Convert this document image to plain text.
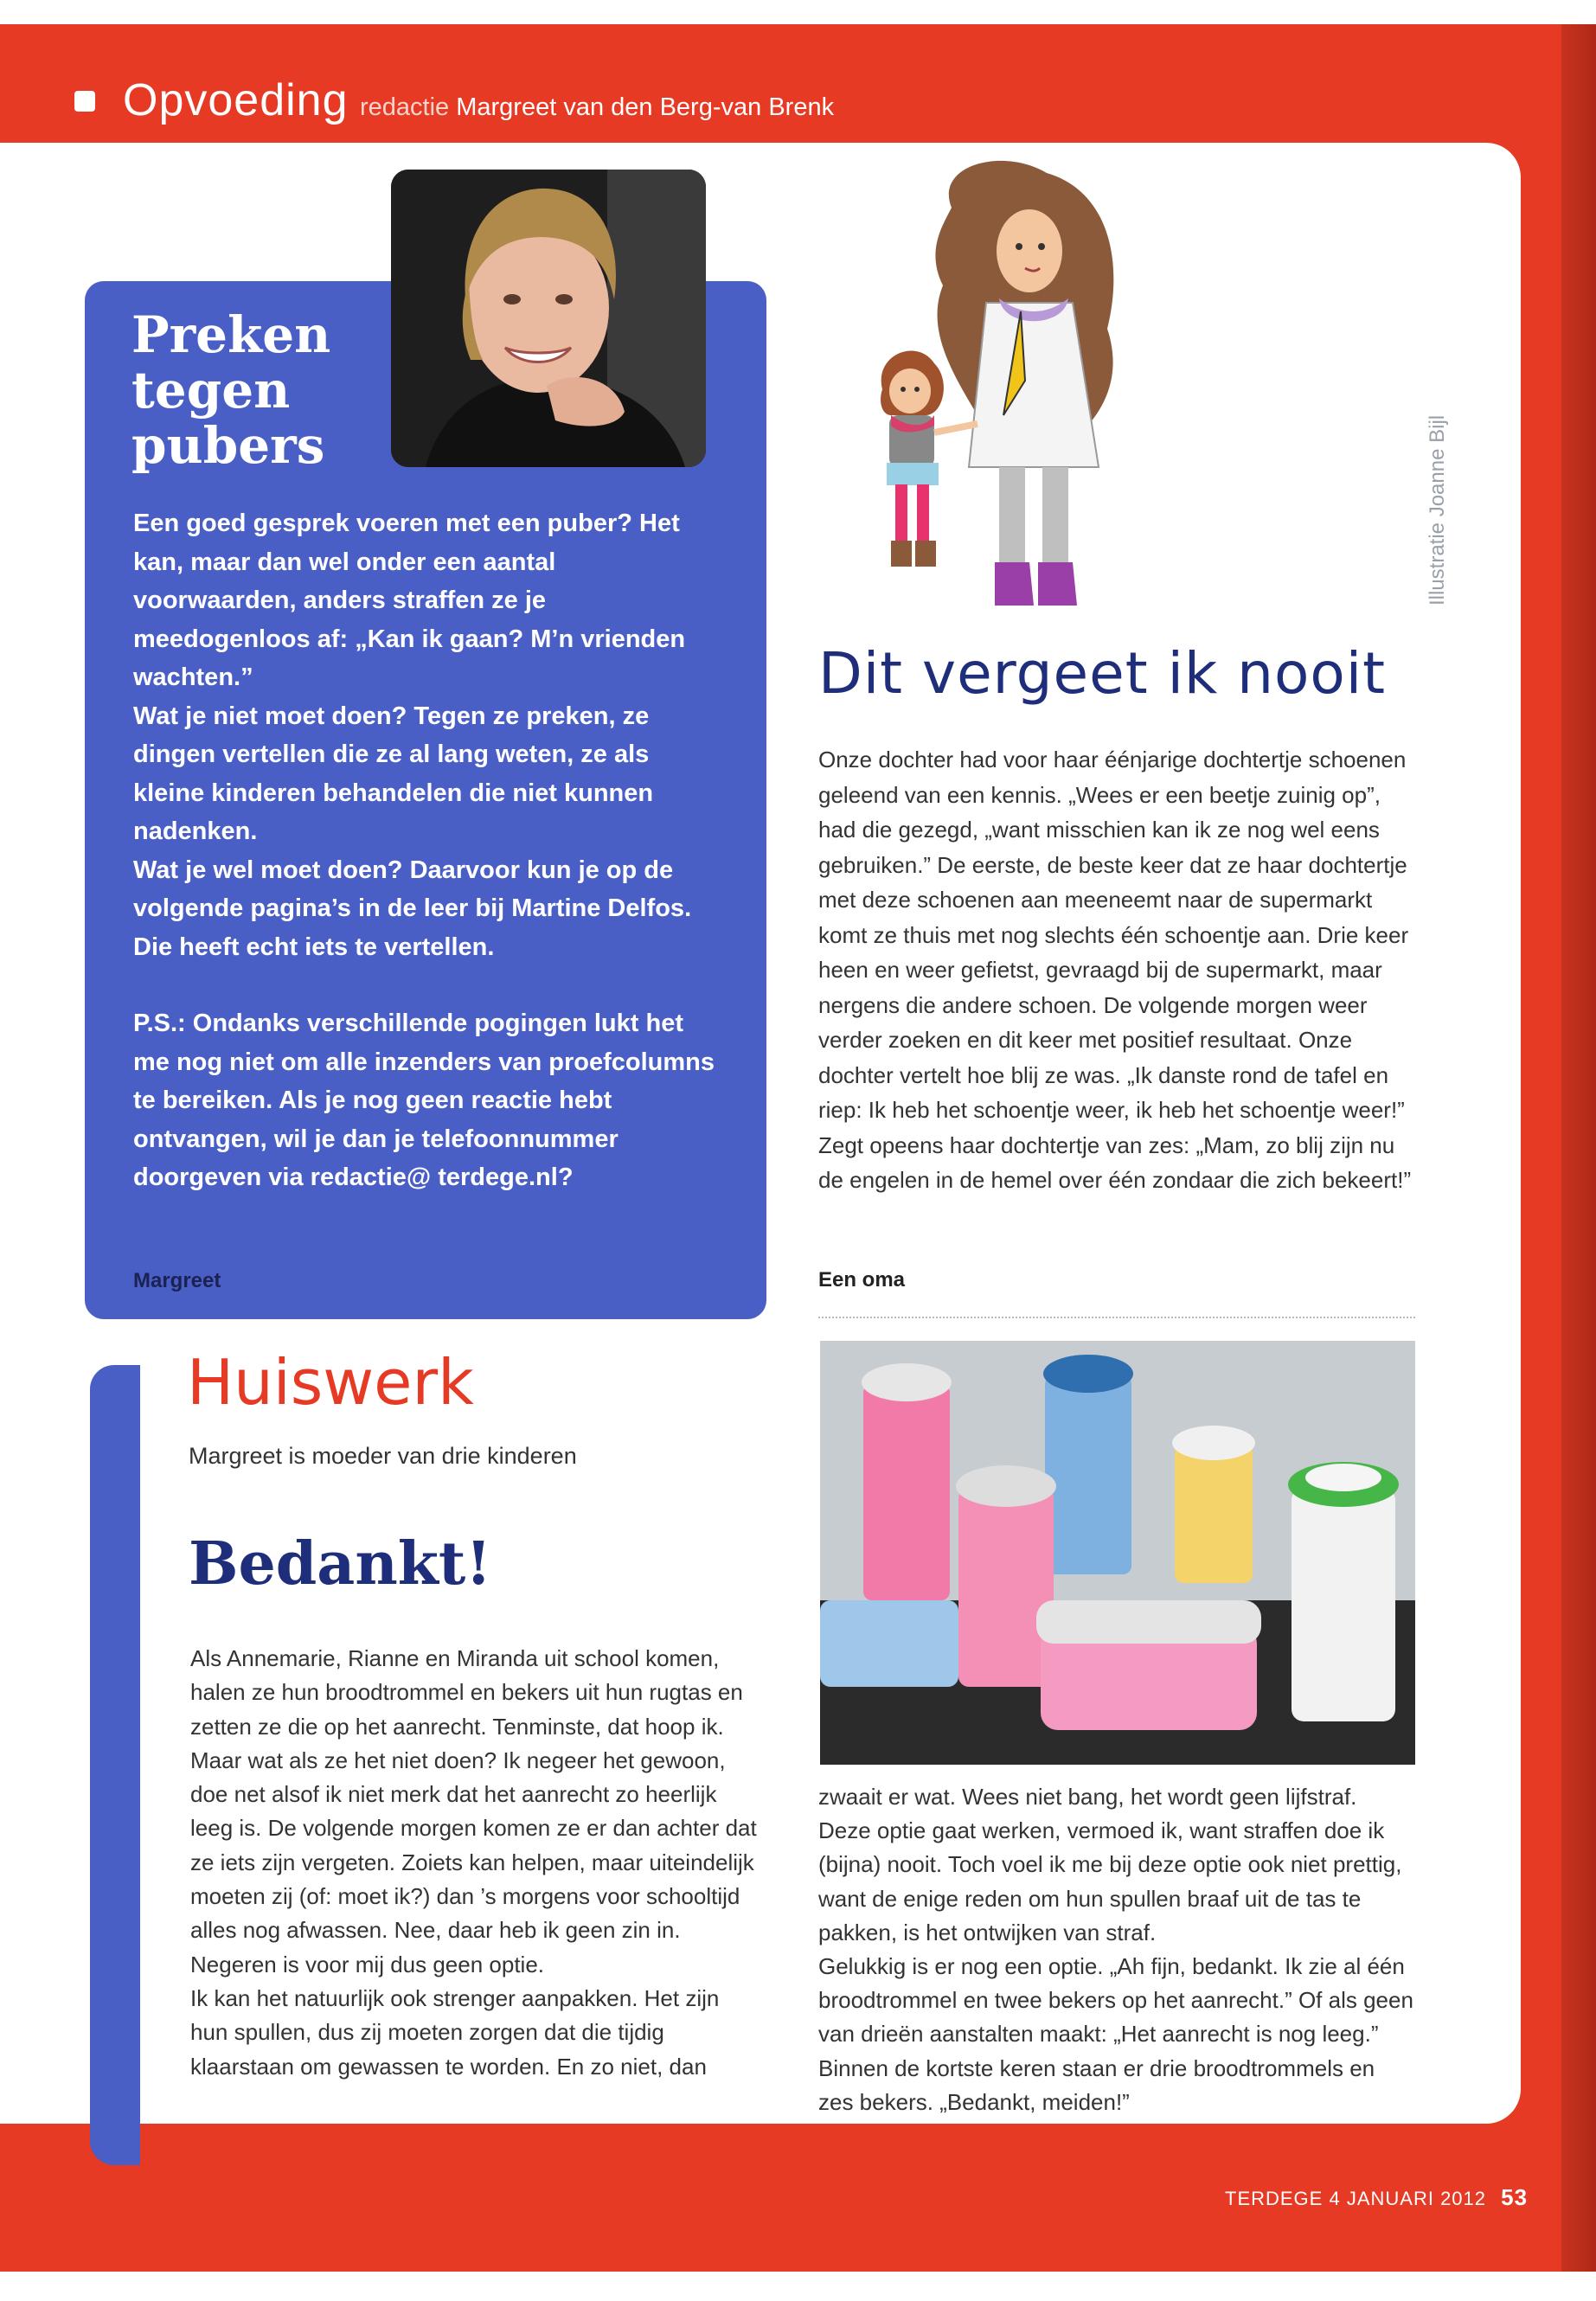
Opvoeding redactie Margreet van den Berg-van Brenk
Preken
tegen
pubers

Een goed gesprek voeren met een puber? Het kan, maar dan wel onder een aantal voorwaarden, anders straffen ze je meedogenloos af: „Kan ik gaan? M’n vrienden wachten.”

Wat je niet moet doen? Tegen ze preken, ze dingen vertellen die ze al lang weten, ze als kleine kinderen behandelen die niet kunnen nadenken.

Wat je wel moet doen? Daarvoor kun je op de volgende pagina’s in de leer bij Martine Delfos. Die heeft echt iets te vertellen.

P.S.: Ondanks verschillende pogingen lukt het me nog niet om alle inzenders van proefcolumns te bereiken. Als je nog geen reactie hebt ontvangen, wil je dan je telefoonnummer doorgeven via redactie@ terdege.nl?

Margreet
Illustratie Joanne Bijl
Dit vergeet ik nooit

Onze dochter had voor haar éénjarige dochtertje schoenen geleend van een kennis. „Wees er een beetje zuinig op”, had die gezegd, „want misschien kan ik ze nog wel eens gebruiken.” De eerste, de beste keer dat ze haar dochtertje met deze schoenen aan meeneemt naar de supermarkt komt ze thuis met nog slechts één schoentje aan. Drie keer heen en weer gefietst, gevraagd bij de supermarkt, maar nergens die andere schoen. De volgende morgen weer verder zoeken en dit keer met positief resultaat. Onze dochter vertelt hoe blij ze was. „Ik danste rond de tafel en riep: Ik heb het schoentje weer, ik heb het schoentje weer!” Zegt opeens haar dochtertje van zes: „Mam, zo blij zijn nu de engelen in de hemel over één zondaar die zich bekeert!”

Een oma
Huiswerk
Margreet is moeder van drie kinderen
Bedankt!

Als Annemarie, Rianne en Miranda uit school komen, halen ze hun broodtrommel en bekers uit hun rugtas en zetten ze die op het aanrecht. Tenminste, dat hoop ik.

Maar wat als ze het niet doen? Ik negeer het gewoon, doe net alsof ik niet merk dat het aanrecht zo heerlijk leeg is. De volgende morgen komen ze er dan achter dat ze iets zijn vergeten. Zoiets kan helpen, maar uiteindelijk moeten zij (of: moet ik?) dan ’s morgens voor schooltijd alles nog afwassen. Nee, daar heb ik geen zin in. Negeren is voor mij dus geen optie.

Ik kan het natuurlijk ook strenger aanpakken. Het zijn hun spullen, dus zij moeten zorgen dat die tijdig klaarstaan om gewassen te worden. En zo niet, dan

zwaait er wat. Wees niet bang, het wordt geen lijfstraf. Deze optie gaat werken, vermoed ik, want straffen doe ik (bijna) nooit. Toch voel ik me bij deze optie ook niet prettig, want de enige reden om hun spullen braaf uit de tas te pakken, is het ontwijken van straf.

Gelukkig is er nog een optie. „Ah fijn, bedankt. Ik zie al één broodtrommel en twee bekers op het aanrecht.” Of als geen van drieën aanstalten maakt: „Het aanrecht is nog leeg.” Binnen de kortste keren staan er drie broodtrommels en zes bekers. „Bedankt, meiden!”

TERDEGE 4 JANUARI 2012 53
